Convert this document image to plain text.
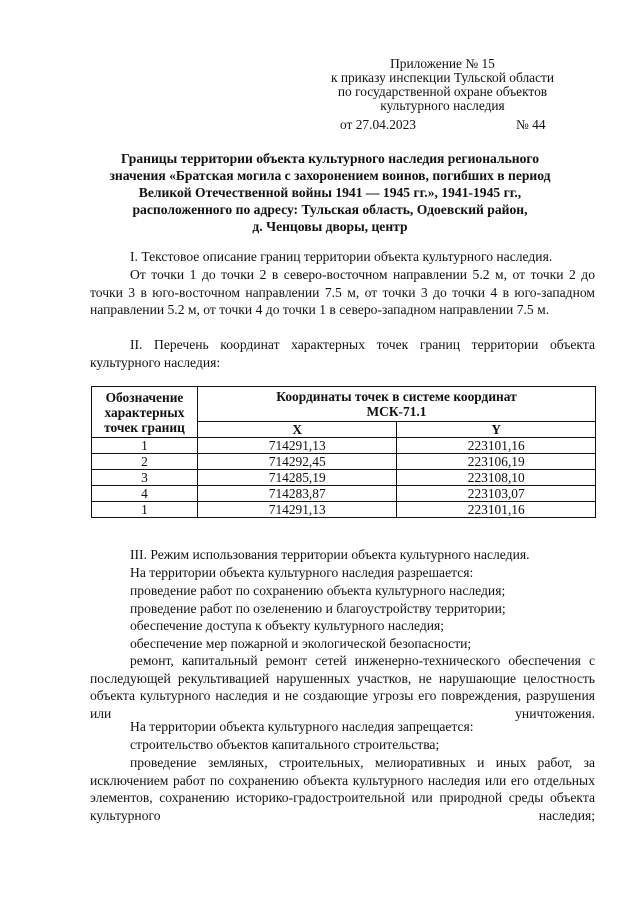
Приложение № 15
к приказу инспекции Тульской области
по государственной охране объектов
культурного наследия
от 27.04.2023	№ 44
Границы территории объекта культурного наследия регионального
значения «Братская могила с захоронением воинов, погибших в период
Великой Отечественной войны 1941 — 1945 гг.», 1941-1945 гг.,
расположенного по адресу: Тульская область, Одоевский район,
д. Ченцовы дворы, центр
I. Текстовое описание границ территории объекта культурного наследия.
От точки 1 до точки 2 в северо-восточном направлении 5.2 м, от точки 2 до точки 3 в юго-восточном направлении 7.5 м, от точки 3 до точки 4 в юго-западном направлении 5.2 м, от точки 4 до точки 1 в северо-западном направлении 7.5 м.
II. Перечень координат характерных точек границ территории объекта культурного наследия:
Обозначение характерных точек границ	Координаты точек в системе координат
МСК-71.1	

	X	Y
1	714291,13	223101,16
2	714292,45	223106,19
3	714285,19	223108,10
4	714283,87	223103,07
1	714291,13	223101,16
III. Режим использования территории объекта культурного наследия.
На территории объекта культурного наследия разрешается:
проведение работ по сохранению объекта культурного наследия;
проведение работ по озеленению и благоустройству территории;
обеспечение доступа к объекту культурного наследия;
обеспечение мер пожарной и экологической безопасности;
ремонт, капитальный ремонт сетей инженерно-технического обеспечения с последующей рекультивацией нарушенных участков, не нарушающие целостность объекта культурного наследия и не создающие угрозы его повреждения, разрушения или уничтожения.
На территории объекта культурного наследия запрещается:
строительство объектов капитального строительства;
проведение земляных, строительных, мелиоративных и иных работ, за исключением работ по сохранению объекта культурного наследия или его отдельных элементов, сохранению историко-градостроительной или природной среды объекта культурного наследия;
